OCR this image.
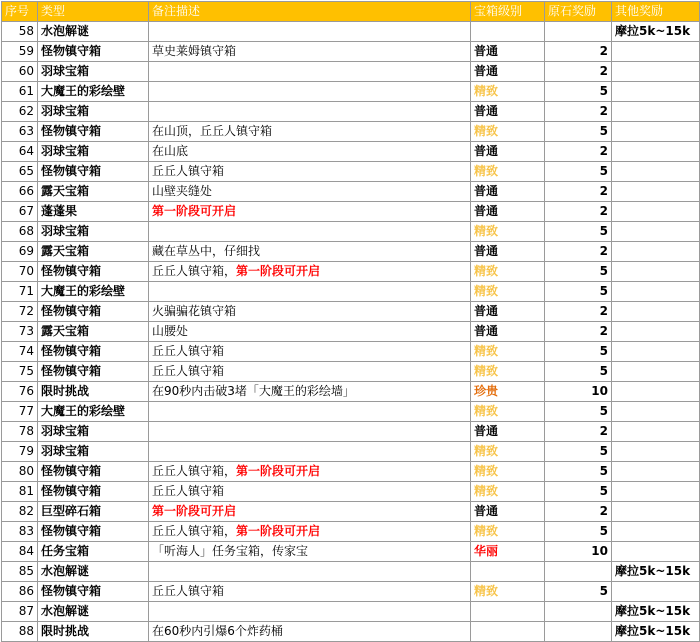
序号	类型	备注描述	宝箱级别	原石奖励	其他奖励
58	水泡解谜				摩拉5k~15k
59	怪物镇守箱	草史莱姆镇守箱	普通	2	
60	羽球宝箱		普通	2	
61	大魔王的彩绘壁		精致	5	
62	羽球宝箱		普通	2	
63	怪物镇守箱	在山顶，丘丘人镇守箱	精致	5	
64	羽球宝箱	在山底	普通	2	
65	怪物镇守箱	丘丘人镇守箱	精致	5	
66	露天宝箱	山壁夹缝处	普通	2	
67	蓬蓬果	第一阶段可开启	普通	2	
68	羽球宝箱		精致	5	
69	露天宝箱	藏在草丛中，仔细找	普通	2	
70	怪物镇守箱	丘丘人镇守箱，第一阶段可开启	精致	5	
71	大魔王的彩绘壁		精致	5	
72	怪物镇守箱	火骗骗花镇守箱	普通	2	
73	露天宝箱	山腰处	普通	2	
74	怪物镇守箱	丘丘人镇守箱	精致	5	
75	怪物镇守箱	丘丘人镇守箱	精致	5	
76	限时挑战	在90秒内击破3堵「大魔王的彩绘墙」	珍贵	10	
77	大魔王的彩绘壁		精致	5	
78	羽球宝箱		普通	2	
79	羽球宝箱		精致	5	
80	怪物镇守箱	丘丘人镇守箱，第一阶段可开启	精致	5	
81	怪物镇守箱	丘丘人镇守箱	精致	5	
82	巨型碎石箱	第一阶段可开启	普通	2	
83	怪物镇守箱	丘丘人镇守箱，第一阶段可开启	精致	5	
84	任务宝箱	「听海人」任务宝箱，传家宝	华丽	10	
85	水泡解谜				摩拉5k~15k
86	怪物镇守箱	丘丘人镇守箱	精致	5	
87	水泡解谜				摩拉5k~15k
88	限时挑战	在60秒内引爆6个炸药桶			摩拉5k~15k
